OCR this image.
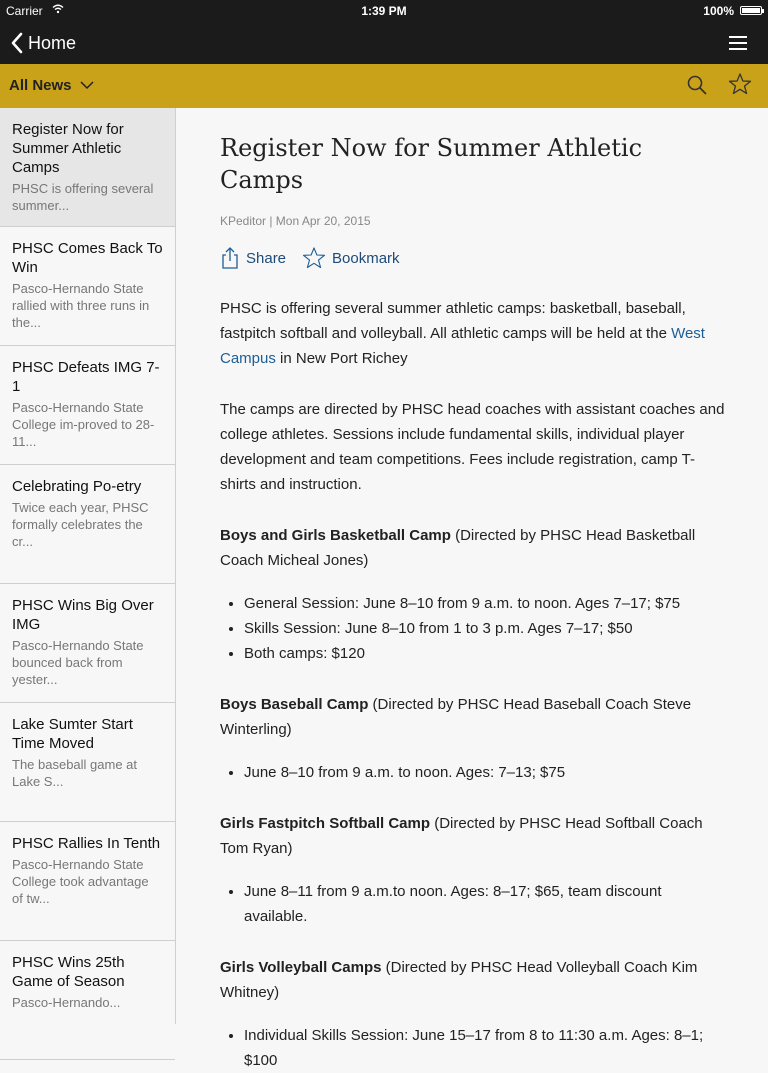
Carrier	1:39 PM	100%
Home
All News
Register Now for Summer Athletic Camps
PHSC is offering several summer...
PHSC Comes Back To Win
Pasco-Hernando State rallied with three runs in the...
PHSC Defeats IMG 7-1
Pasco-Hernando State College im-proved to 28-11...
Celebrating Po-etry
Twice each year, PHSC formally celebrates the cr...
PHSC Wins Big Over IMG
Pasco-Hernando State bounced back from yester...
Lake Sumter Start Time Moved
The baseball game at Lake S...
PHSC Rallies In Tenth
Pasco-Hernando State College took advantage of tw...
PHSC Wins 25th Game of Season
Pasco-Hernando...
Register Now for Summer Athletic Camps
KPeditor | Mon Apr 20, 2015
Share	Bookmark

PHSC is offering several summer athletic camps: basketball, baseball, fastpitch softball and volleyball. All athletic camps will be held at the West Campus in New Port Richey

The camps are directed by PHSC head coaches with assistant coaches and college athletes. Sessions include fundamental skills, individual player development and team competitions. Fees include registration, camp T-shirts and instruction.

Boys and Girls Basketball Camp (Directed by PHSC Head Basketball Coach Micheal Jones)

• General Session: June 8–10 from 9 a.m. to noon. Ages 7–17; $75
• Skills Session: June 8–10 from 1 to 3 p.m. Ages 7–17; $50
• Both camps: $120

Boys Baseball Camp (Directed by PHSC Head Baseball Coach Steve Winterling)

• June 8–10 from 9 a.m. to noon. Ages: 7–13; $75

Girls Fastpitch Softball Camp (Directed by PHSC Head Softball Coach Tom Ryan)

• June 8–11 from 9 a.m.to noon. Ages: 8–17; $65, team discount available.

Girls Volleyball Camps (Directed by PHSC Head Volleyball Coach Kim Whitney)

• Individual Skills Session: June 15–17 from 8 to 11:30 a.m. Ages: 8–1; $100
